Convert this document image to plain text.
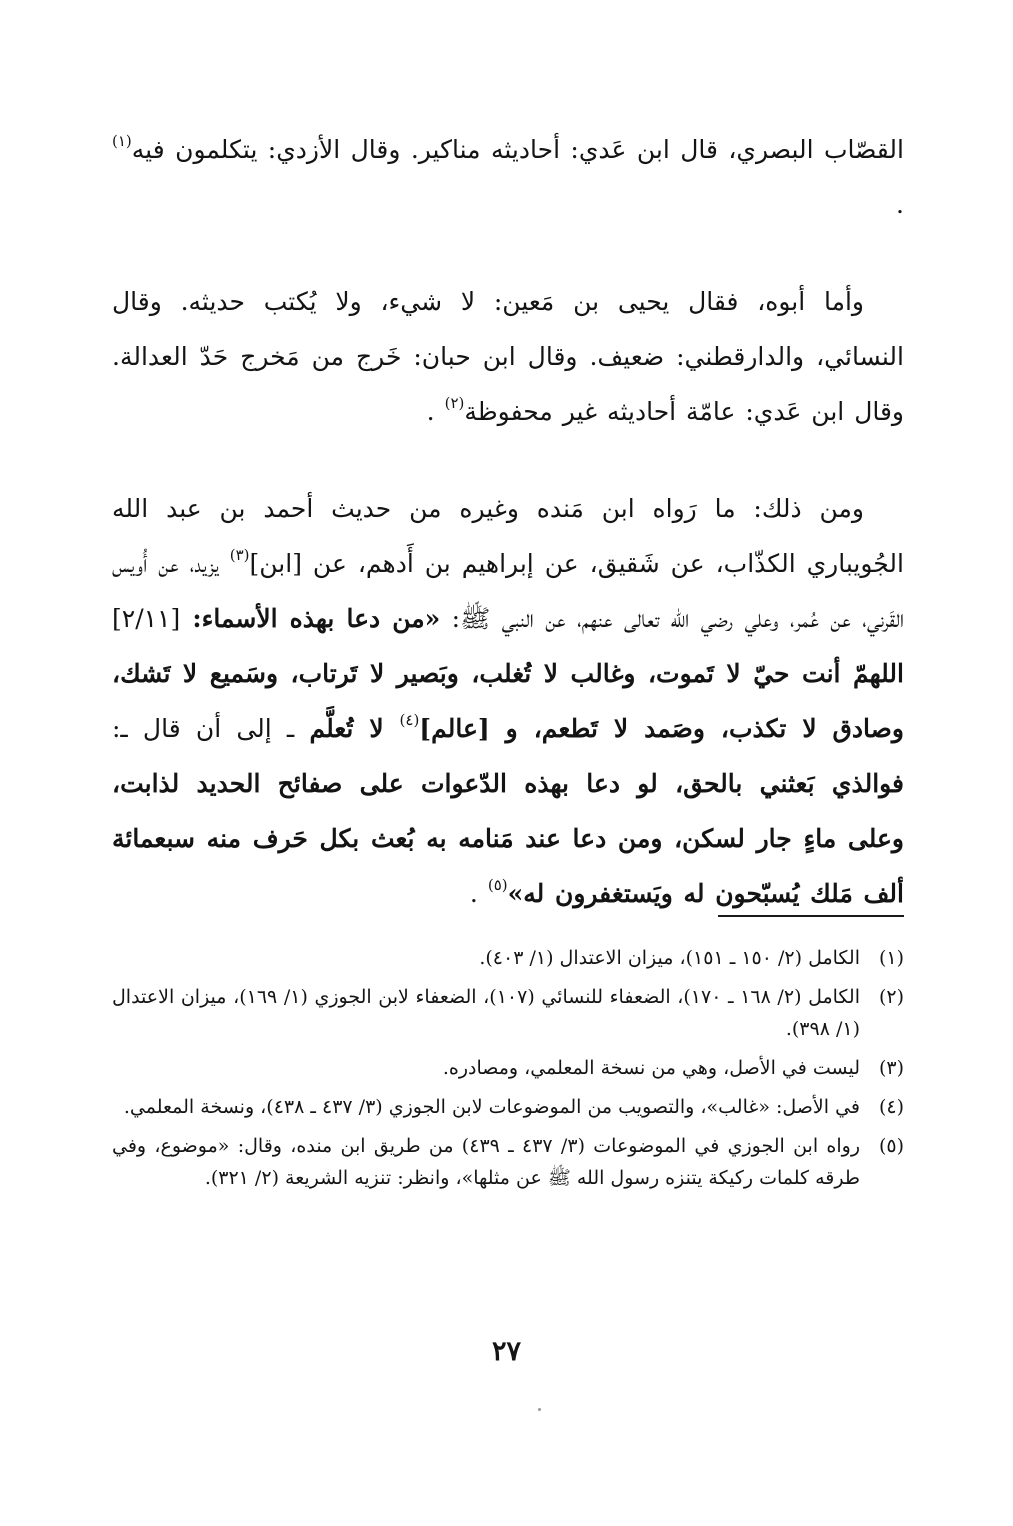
القصّاب البصري، قال ابن عَدي: أحاديثه مناكير. وقال الأزدي: يتكلمون فيه$^{(١)}$ .

وأما أبوه، فقال يحيى بن مَعين: لا شيء، ولا يُكتب حديثه. وقال النسائي، والدارقطني: ضعيف. وقال ابن حبان: خَرج من مَخرج حَدّ العدالة. وقال ابن عَدي: عامّة أحاديثه غير محفوظة$^{(٢)}$ .

ومن ذلك: ما رَواه ابن مَنده وغيره من حديث أحمد بن عبد الله الجُويباري الكذّاب، عن شَقيق، عن إبراهيم بن أَدهم، عن [ابن]$^{(٣)}$ يزيد، عن أُويس القَرني، عن عُمر، وعلي رضي الله تعالى عنهم، عن النبي ﷺ: «من دعا بهذه الأسماء: [٢/١١] اللهمّ أنت حيّ لا تَموت، وغالب لا تُغلب، وبَصير لا تَرتاب، وسَميع لا تَشك، وصادق لا تكذب، وصَمد لا تَطعم، و [عالم]$^{(٤)}$ لا تُعلَّم ـ إلى أن قال ـ: فوالذي بَعثني بالحق، لو دعا بهذه الدّعوات على صفائح الحديد لذابت، وعلى ماءٍ جار لسكن، ومن دعا عند مَنامه به بُعث بكل حَرف منه سبعمائة ألف مَلك يُسبّحون له ويَستغفرون له»$^{(٥)}$ .

(١)
الكامل (٢/ ١٥٠ ـ ١٥١)، ميزان الاعتدال (١/ ٤٠٣).
(٢)
الكامل (٢/ ١٦٨ ـ ١٧٠)، الضعفاء للنسائي (١٠٧)، الضعفاء لابن الجوزي (١/ ١٦٩)، ميزان الاعتدال (١/ ٣٩٨).
(٣)
ليست في الأصل، وهي من نسخة المعلمي، ومصادره.
(٤)
في الأصل: «غالب»، والتصويب من الموضوعات لابن الجوزي (٣/ ٤٣٧ ـ ٤٣٨)، ونسخة المعلمي.
(٥)
رواه ابن الجوزي في الموضوعات (٣/ ٤٣٧ ـ ٤٣٩) من طريق ابن منده، وقال: «موضوع، وفي طرقه كلمات ركيكة يتنزه رسول الله ﷺ عن مثلها»، وانظر: تنزيه الشريعة (٢/ ٣٢١).
٢٧
